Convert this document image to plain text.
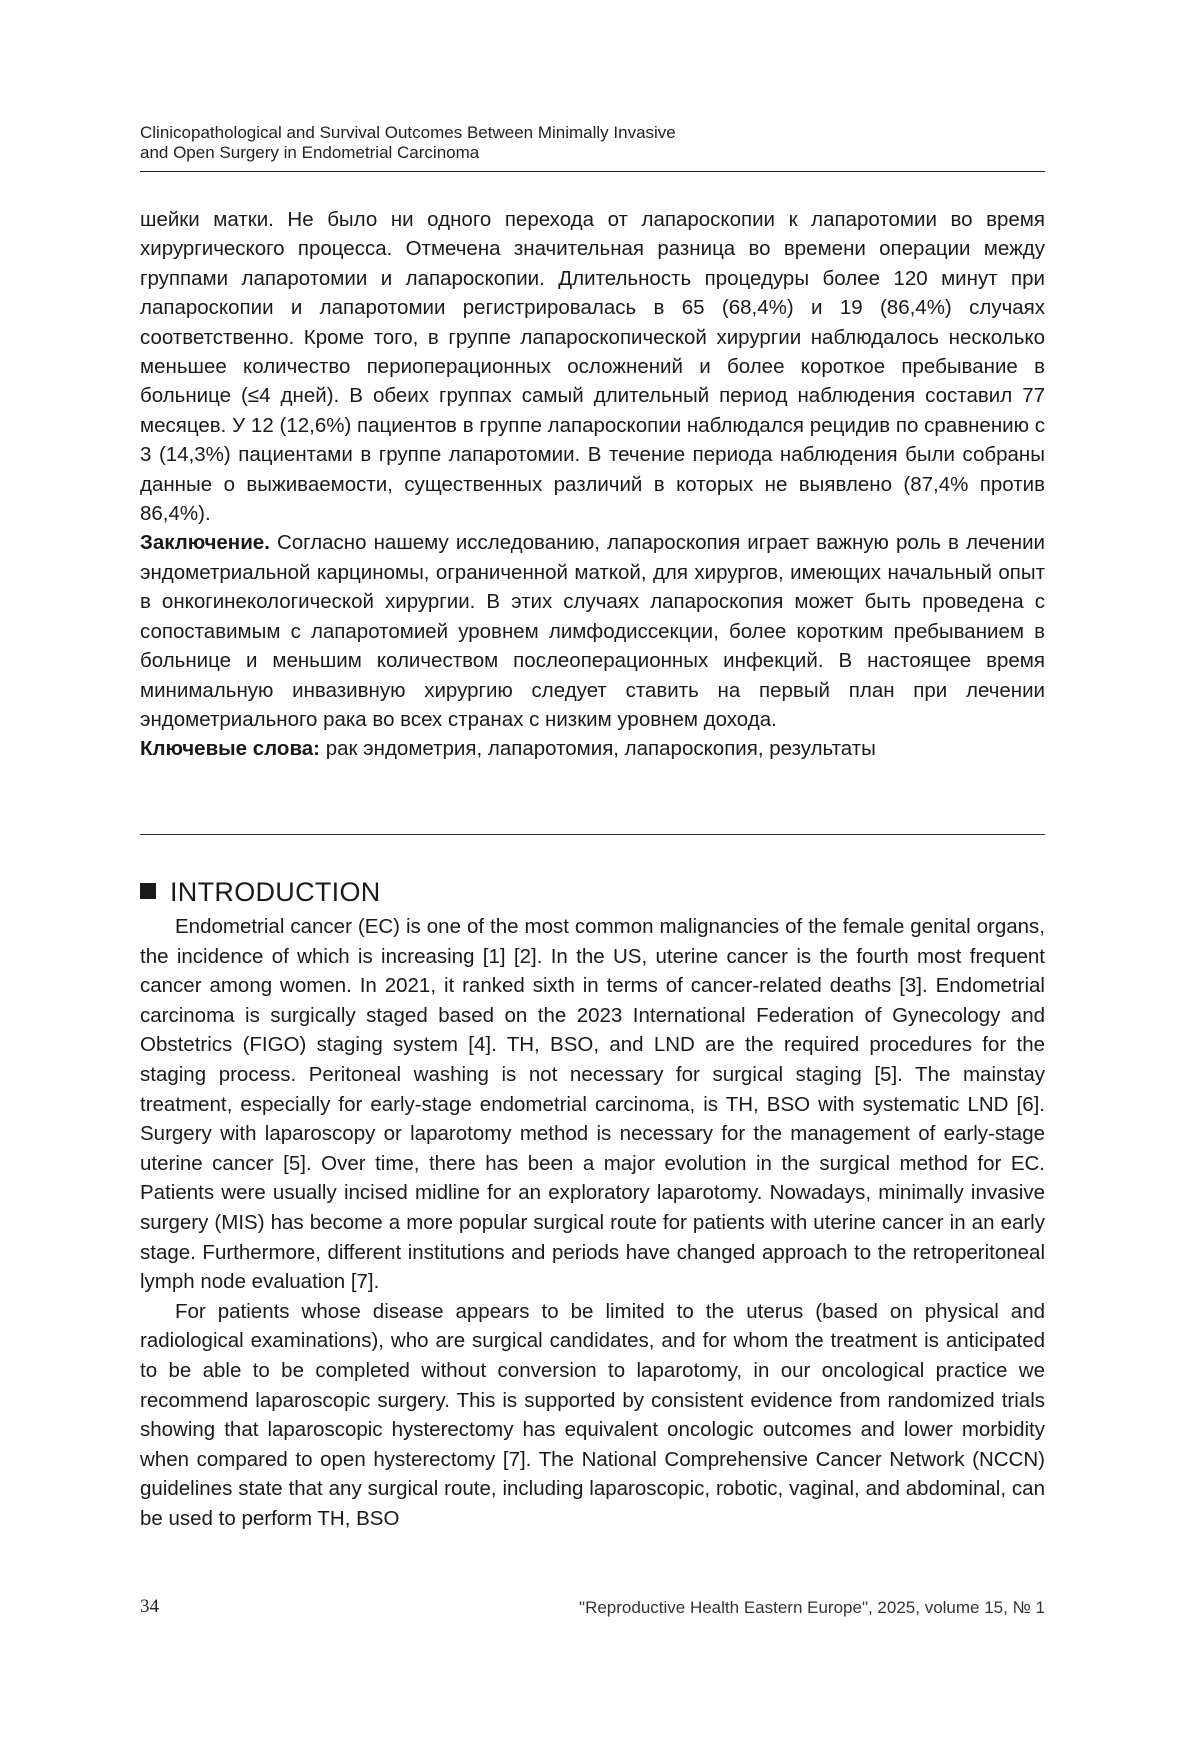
Clinicopathological and Survival Outcomes Between Minimally Invasive
and Open Surgery in Endometrial Carcinoma

шейки матки. Не было ни одного перехода от лапароскопии к лапаротомии во время хирургического процесса. Отмечена значительная разница во времени операции между группами лапаротомии и лапароскопии. Длительность процедуры более 120 минут при лапароскопии и лапаротомии регистрировалась в 65 (68,4%) и 19 (86,4%) случаях соответственно. Кроме того, в группе лапароскопической хирургии наблюдалось несколько меньшее количество периоперационных осложнений и более короткое пребывание в больнице (≤4 дней). В обеих группах самый длительный период наблюдения составил 77 месяцев. У 12 (12,6%) пациентов в группе лапароскопии наблюдался рецидив по сравнению с 3 (14,3%) пациентами в группе лапаротомии. В течение периода наблюдения были собраны данные о выживаемости, существенных различий в которых не выявлено (87,4% против 86,4%).

Заключение. Согласно нашему исследованию, лапароскопия играет важную роль в лечении эндометриальной карциномы, ограниченной маткой, для хирургов, имеющих начальный опыт в онкогинекологической хирургии. В этих случаях лапароскопия может быть проведена с сопоставимым с лапаротомией уровнем лимфодиссекции, более коротким пребыванием в больнице и меньшим количеством послеоперационных инфекций. В настоящее время минимальную инвазивную хирургию следует ставить на первый план при лечении эндометриального рака во всех странах с низким уровнем дохода.

Ключевые слова: рак эндометрия, лапаротомия, лапароскопия, результаты

INTRODUCTION

Endometrial cancer (EC) is one of the most common malignancies of the female genital organs, the incidence of which is increasing [1] [2]. In the US, uterine cancer is the fourth most frequent cancer among women. In 2021, it ranked sixth in terms of cancer-related deaths [3]. Endometrial carcinoma is surgically staged based on the 2023 International Federation of Gynecology and Obstetrics (FIGO) staging system [4]. TH, BSO, and LND are the required procedures for the staging process. Peritoneal washing is not necessary for surgical staging [5]. The mainstay treatment, especially for early-stage endometrial carcinoma, is TH, BSO with systematic LND [6]. Surgery with laparoscopy or laparotomy method is necessary for the management of early-stage uterine cancer [5]. Over time, there has been a major evolution in the surgical method for EC. Patients were usually incised midline for an exploratory laparotomy. Nowadays, minimally invasive surgery (MIS) has become a more popular surgical route for patients with uterine cancer in an early stage. Furthermore, different institutions and periods have changed approach to the retroperitoneal lymph node evaluation [7].

For patients whose disease appears to be limited to the uterus (based on physical and radiological examinations), who are surgical candidates, and for whom the treatment is anticipated to be able to be completed without conversion to laparotomy, in our oncological practice we recommend laparoscopic surgery. This is supported by consistent evidence from randomized trials showing that laparoscopic hysterectomy has equivalent oncologic outcomes and lower morbidity when compared to open hysterectomy [7]. The National Comprehensive Cancer Network (NCCN) guidelines state that any surgical route, including laparoscopic, robotic, vaginal, and abdominal, can be used to perform TH, BSO

34	"Reproductive Health Eastern Europe", 2025, volume 15, № 1
